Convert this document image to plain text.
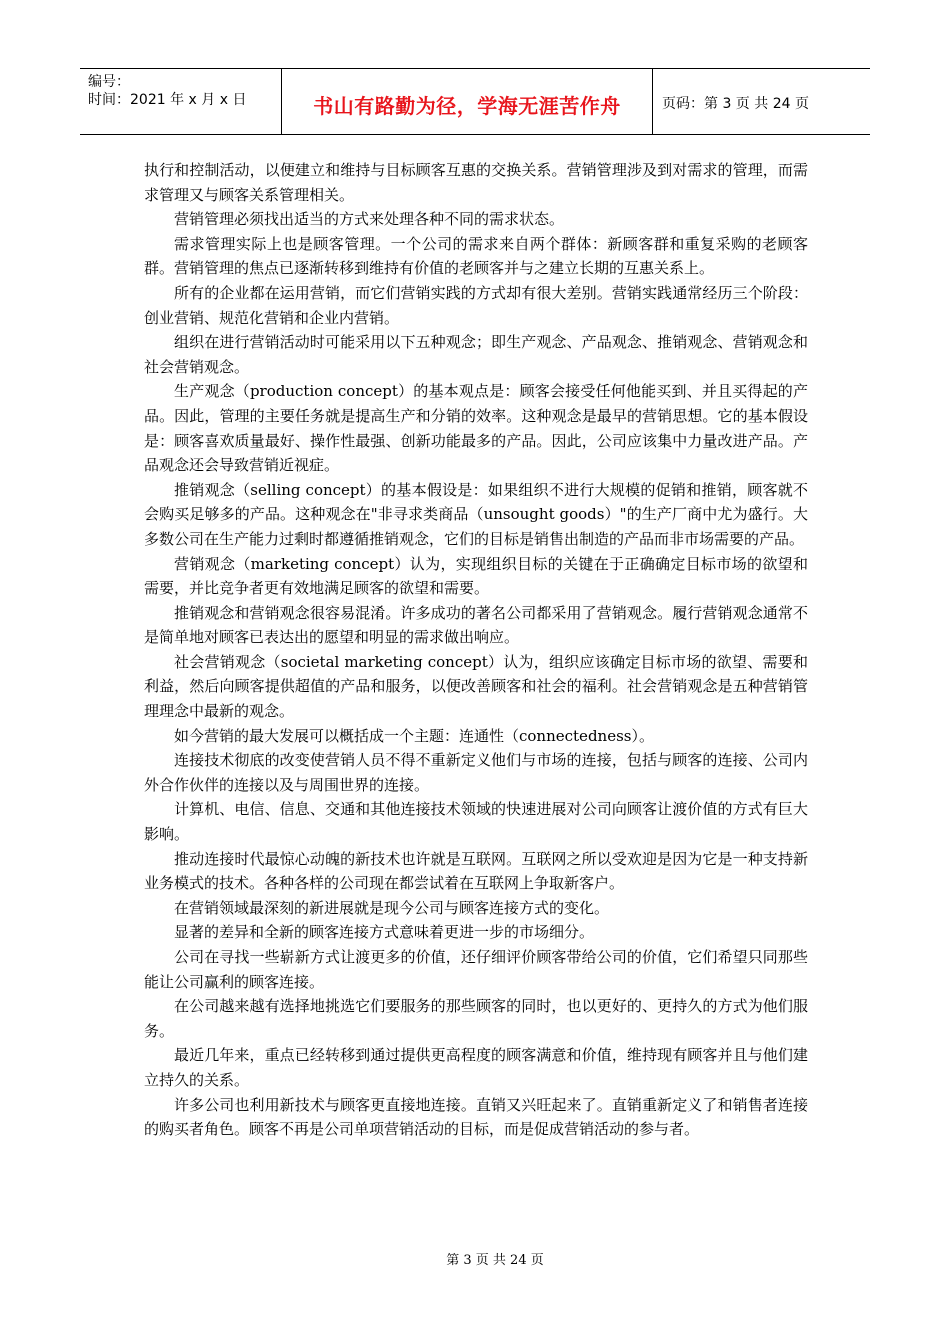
编号：
时间：2021 年 x 月 x 日	书山有路勤为径，学海无涯苦作舟	页码：第 3 页 共 24 页

执行和控制活动，以便建立和维持与目标顾客互惠的交换关系。营销管理涉及到对需求的管理，而需求管理又与顾客关系管理相关。

营销管理必须找出适当的方式来处理各种不同的需求状态。

需求管理实际上也是顾客管理。一个公司的需求来自两个群体：新顾客群和重复采购的老顾客群。营销管理的焦点已逐渐转移到维持有价值的老顾客并与之建立长期的互惠关系上。

所有的企业都在运用营销，而它们营销实践的方式却有很大差别。营销实践通常经历三个阶段：创业营销、规范化营销和企业内营销。

组织在进行营销活动时可能采用以下五种观念；即生产观念、产品观念、推销观念、营销观念和社会营销观念。

生产观念（production concept）的基本观点是：顾客会接受任何他能买到、并且买得起的产品。因此，管理的主要任务就是提高生产和分销的效率。这种观念是最早的营销思想。它的基本假设是：顾客喜欢质量最好、操作性最强、创新功能最多的产品。因此，公司应该集中力量改进产品。产品观念还会导致营销近视症。

推销观念（selling concept）的基本假设是：如果组织不进行大规模的促销和推销，顾客就不会购买足够多的产品。这种观念在"非寻求类商品（unsought goods）"的生产厂商中尤为盛行。大多数公司在生产能力过剩时都遵循推销观念，它们的目标是销售出制造的产品而非市场需要的产品。

营销观念（marketing concept）认为，实现组织目标的关键在于正确确定目标市场的欲望和需要，并比竞争者更有效地满足顾客的欲望和需要。

推销观念和营销观念很容易混淆。许多成功的著名公司都采用了营销观念。履行营销观念通常不是简单地对顾客已表达出的愿望和明显的需求做出响应。

社会营销观念（societal marketing concept）认为，组织应该确定目标市场的欲望、需要和利益，然后向顾客提供超值的产品和服务，以便改善顾客和社会的福利。社会营销观念是五种营销管理理念中最新的观念。

如今营销的最大发展可以概括成一个主题：连通性（connectedness）。

连接技术彻底的改变使营销人员不得不重新定义他们与市场的连接，包括与顾客的连接、公司内外合作伙伴的连接以及与周围世界的连接。

计算机、电信、信息、交通和其他连接技术领域的快速进展对公司向顾客让渡价值的方式有巨大影响。

推动连接时代最惊心动魄的新技术也许就是互联网。互联网之所以受欢迎是因为它是一种支持新业务模式的技术。各种各样的公司现在都尝试着在互联网上争取新客户。

在营销领域最深刻的新进展就是现今公司与顾客连接方式的变化。

显著的差异和全新的顾客连接方式意味着更进一步的市场细分。

公司在寻找一些崭新方式让渡更多的价值，还仔细评价顾客带给公司的价值，它们希望只同那些能让公司赢利的顾客连接。

在公司越来越有选择地挑选它们要服务的那些顾客的同时，也以更好的、更持久的方式为他们服务。

最近几年来，重点已经转移到通过提供更高程度的顾客满意和价值，维持现有顾客并且与他们建立持久的关系。

许多公司也利用新技术与顾客更直接地连接。直销又兴旺起来了。直销重新定义了和销售者连接的购买者角色。顾客不再是公司单项营销活动的目标，而是促成营销活动的参与者。

第 3 页 共 24 页
